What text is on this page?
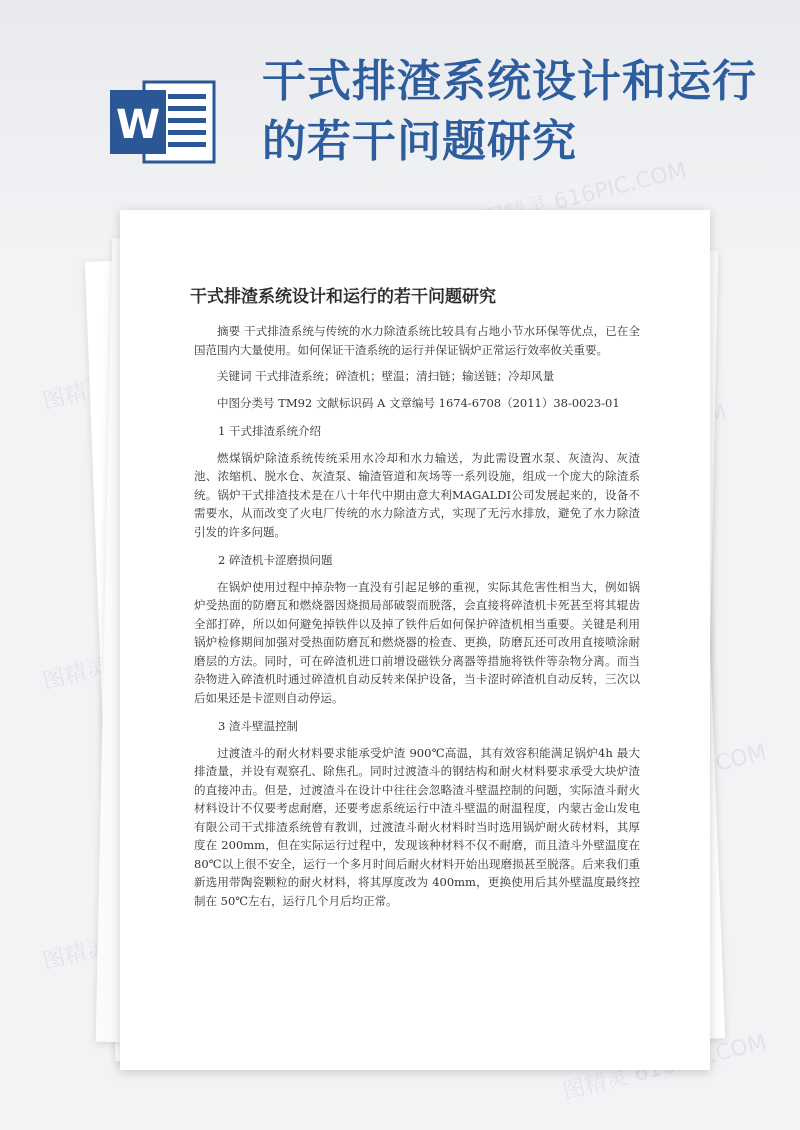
W
干式排渣系统设计和运行的若干问题研究
图精灵
图精灵
图精灵
图精灵
干式排渣系统设计和运行的若干问题研究

摘要 干式排渣系统与传统的水力除渣系统比较具有占地小节水环保等优点，已在全国范围内大量使用。如何保证干渣系统的运行并保证锅炉正常运行效率攸关重要。

关键词 干式排渣系统；碎渣机；壁温；清扫链；输送链；冷却风量

中图分类号 TM92 文献标识码 A 文章编号 1674-6708（2011）38-0023-01

1 干式排渣系统介绍

燃煤锅炉除渣系统传统采用水冷却和水力输送，为此需设置水泵、灰渣沟、灰渣池、浓缩机、脱水仓、灰渣泵、输渣管道和灰场等一系列设施，组成一个庞大的除渣系统。锅炉干式排渣技术是在八十年代中期由意大利MAGALDI公司发展起来的，设备不需要水，从而改变了火电厂传统的水力除渣方式，实现了无污水排放，避免了水力除渣引发的许多问题。

2 碎渣机卡涩磨损问题

在锅炉使用过程中掉杂物一直没有引起足够的重视，实际其危害性相当大，例如锅炉受热面的防磨瓦和燃烧器因烧损局部破裂而脱落，会直接将碎渣机卡死甚至将其辊齿全部打碎，所以如何避免掉铁件以及掉了铁件后如何保护碎渣机相当重要。关键是利用锅炉检修期间加强对受热面防磨瓦和燃烧器的检查、更换，防磨瓦还可改用直接喷涂耐磨层的方法。同时，可在碎渣机进口前增设磁铁分离器等措施将铁件等杂物分离。而当杂物进入碎渣机时通过碎渣机自动反转来保护设备，当卡涩时碎渣机自动反转，三次以后如果还是卡涩则自动停运。

3 渣斗壁温控制

过渡渣斗的耐火材料要求能承受炉渣 900℃高温，其有效容积能满足锅炉4h 最大排渣量，并设有观察孔、除焦孔。同时过渡渣斗的钢结构和耐火材料要求承受大块炉渣的直接冲击。但是，过渡渣斗在设计中往往会忽略渣斗壁温控制的问题，实际渣斗耐火材料设计不仅要考虑耐磨，还要考虑系统运行中渣斗壁温的耐温程度，内蒙古金山发电有限公司干式排渣系统曾有教训，过渡渣斗耐火材料时当时选用锅炉耐火砖材料，其厚度在 200mm，但在实际运行过程中，发现该种材料不仅不耐磨，而且渣斗外壁温度在 80℃以上很不安全，运行一个多月时间后耐火材料开始出现磨损甚至脱落。后来我们重新选用带陶瓷颗粒的耐火材料，将其厚度改为 400mm，更换使用后其外壁温度最终控制在 50℃左右，运行几个月后均正常。
